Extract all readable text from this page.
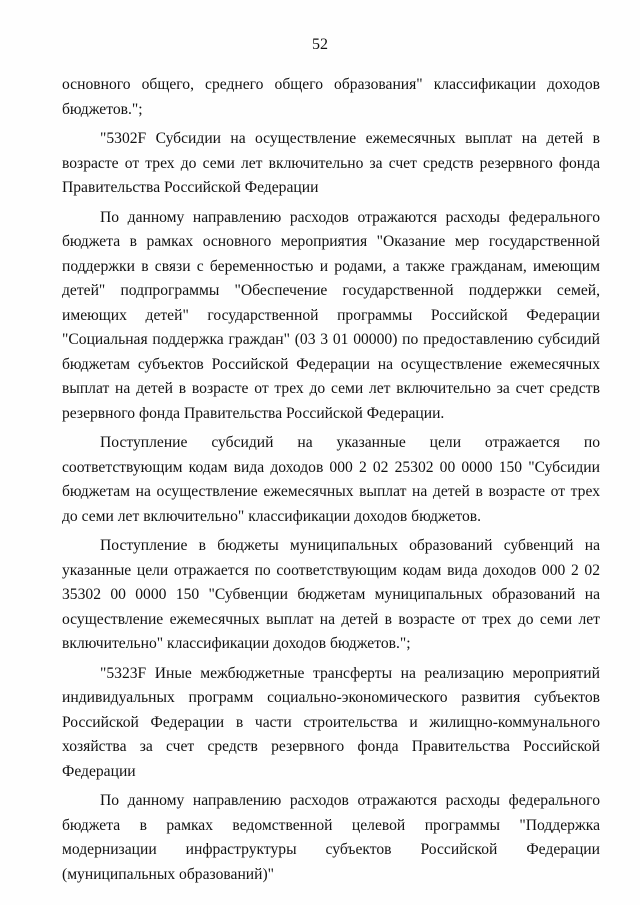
52

основного общего, среднего общего образования" классификации доходов бюджетов.";

"5302F Субсидии на осуществление ежемесячных выплат на детей в возрасте от трех до семи лет включительно за счет средств резервного фонда Правительства Российской Федерации

По данному направлению расходов отражаются расходы федерального бюджета в рамках основного мероприятия "Оказание мер государственной поддержки в связи с беременностью и родами, а также гражданам, имеющим детей" подпрограммы "Обеспечение государственной поддержки семей, имеющих детей" государственной программы Российской Федерации "Социальная поддержка граждан" (03 3 01 00000) по предоставлению субсидий бюджетам субъектов Российской Федерации на осуществление ежемесячных выплат на детей в возрасте от трех до семи лет включительно за счет средств резервного фонда Правительства Российской Федерации.

Поступление субсидий на указанные цели отражается по соответствующим кодам вида доходов 000 2 02 25302 00 0000 150 "Субсидии бюджетам на осуществление ежемесячных выплат на детей в возрасте от трех до семи лет включительно" классификации доходов бюджетов.

Поступление в бюджеты муниципальных образований субвенций на указанные цели отражается по соответствующим кодам вида доходов 000 2 02 35302 00 0000 150 "Субвенции бюджетам муниципальных образований на осуществление ежемесячных выплат на детей в возрасте от трех до семи лет включительно" классификации доходов бюджетов.";

"5323F Иные межбюджетные трансферты на реализацию мероприятий индивидуальных программ социально-экономического развития субъектов Российской Федерации в части строительства и жилищно-коммунального хозяйства за счет средств резервного фонда Правительства Российской Федерации

По данному направлению расходов отражаются расходы федерального бюджета в рамках ведомственной целевой программы "Поддержка модернизации инфраструктуры субъектов Российской Федерации (муниципальных образований)"
